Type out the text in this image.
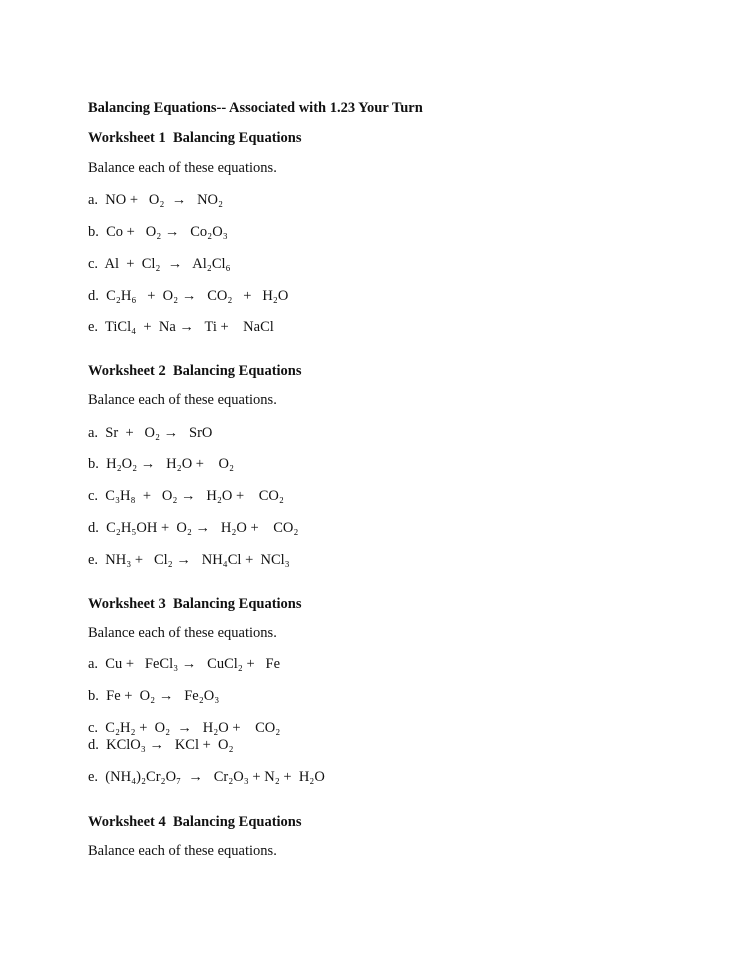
Balancing Equations-- Associated with 1.23 Your Turn
Worksheet 1  Balancing Equations
Balance each of these equations.
a.  NO +   O₂  →   NO₂
b.  Co +   O₂ →   Co₂O₃
c.  Al  +  Cl₂  →   Al₂Cl₆
d.  C₂H₆   +  O₂ →   CO₂   +   H₂O
e.  TiCl₄  +  Na →   Ti +    NaCl
Worksheet 2  Balancing Equations
Balance each of these equations.
a.  Sr  +   O₂ →   SrO
b.  H₂O₂ →   H₂O +    O₂
c.  C₃H₈  +   O₂ →   H₂O +    CO₂
d.  C₂H₅OH +  O₂ →   H₂O +    CO₂
e.  NH₃ +   Cl₂ →   NH₄Cl +  NCl₃
Worksheet 3  Balancing Equations
Balance each of these equations.
a.  Cu +   FeCl₃ →   CuCl₂ +   Fe
b.  Fe +  O₂ →   Fe₂O₃
c.  C₂H₂ +  O₂  →   H₂O +    CO₂
d.  KClO₃ →   KCl +  O₂
e.  (NH₄)₂Cr₂O₇  →   Cr₂O₃ + N₂ +  H₂O
Worksheet 4  Balancing Equations
Balance each of these equations.
